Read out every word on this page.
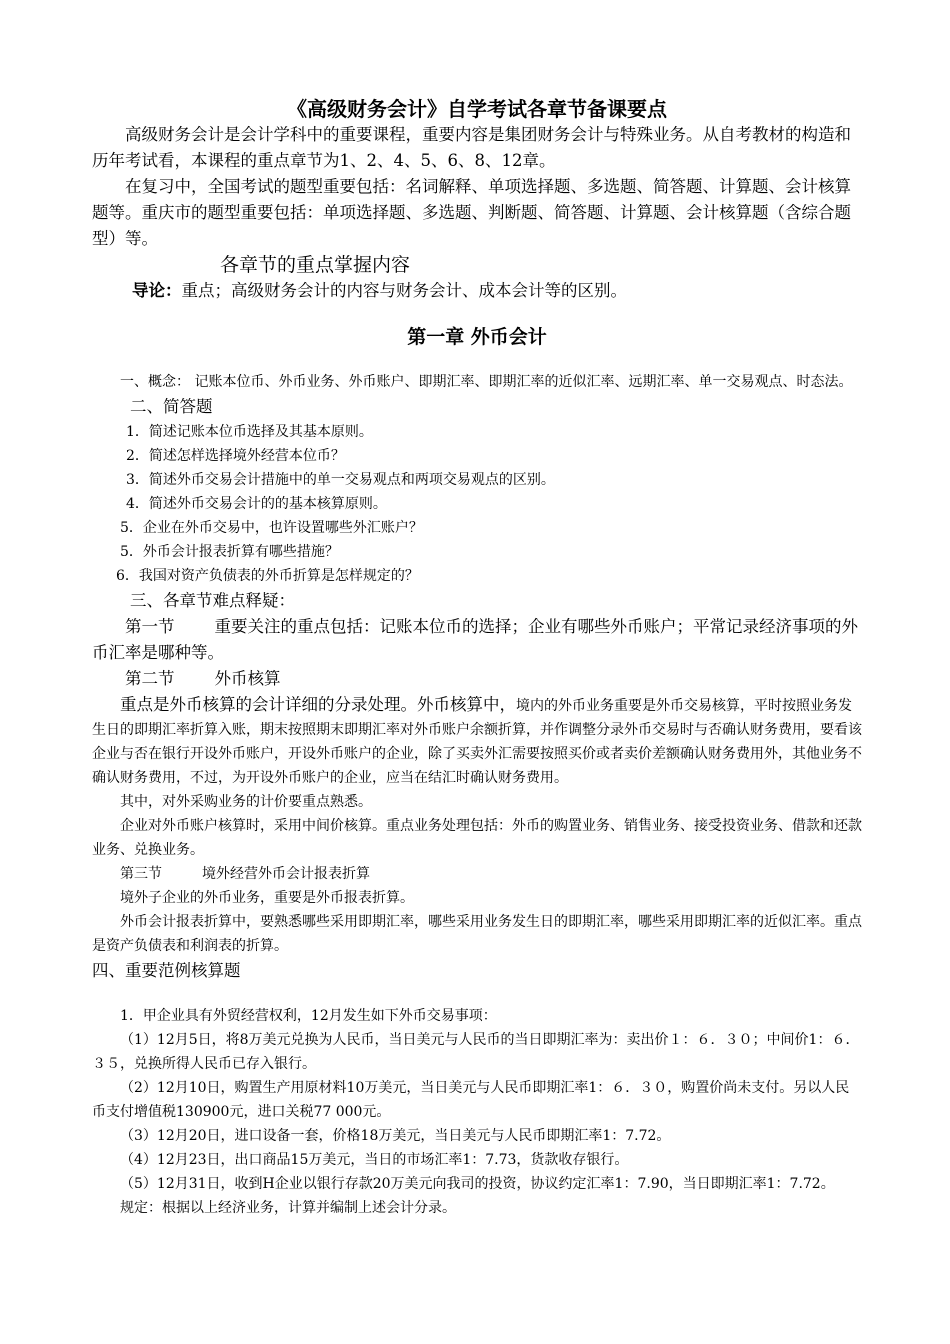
《高级财务会计》自学考试各章节备课要点

高级财务会计是会计学科中的重要课程，重要内容是集团财务会计与特殊业务。从自考教材的构造和历年考试看，本课程的重点章节为1、2、4、5、6、8、12章。

在复习中，全国考试的题型重要包括：名词解释、单项选择题、多选题、简答题、计算题、会计核算题等。重庆市的题型重要包括：单项选择题、多选题、判断题、简答题、计算题、会计核算题（含综合题型）等。

各章节的重点掌握内容

导论：重点；高级财务会计的内容与财务会计、成本会计等的区别。

第一章 外币会计

一、概念： 记账本位币、外币业务、外币账户、即期汇率、即期汇率的近似汇率、远期汇率、单一交易观点、时态法。

二、简答题

1．简述记账本位币选择及其基本原则。

2．简述怎样选择境外经营本位币？

3．简述外币交易会计措施中的单一交易观点和两项交易观点的区别。

4．简述外币交易会计的的基本核算原则。

5．企业在外币交易中，也许设置哪些外汇账户？

5．外币会计报表折算有哪些措施？

6．我国对资产负债表的外币折算是怎样规定的？

三、各章节难点释疑：

第一节 重要关注的重点包括：记账本位币的选择；企业有哪些外币账户；平常记录经济事项的外币汇率是哪种等。

第二节 外币核算

重点是外币核算的会计详细的分录处理。外币核算中，境内的外币业务重要是外币交易核算，平时按照业务发生日的即期汇率折算入账，期末按照期末即期汇率对外币账户余额折算，并作调整分录外币交易时与否确认财务费用，要看该企业与否在银行开设外币账户，开设外币账户的企业，除了买卖外汇需要按照买价或者卖价差额确认财务费用外，其他业务不确认财务费用，不过，为开设外币账户的企业，应当在结汇时确认财务费用。

其中，对外采购业务的计价要重点熟悉。

企业对外币账户核算时，采用中间价核算。重点业务处理包括：外币的购置业务、销售业务、接受投资业务、借款和还款业务、兑换业务。

第三节	境外经营外币会计报表折算

境外子企业的外币业务，重要是外币报表折算。

外币会计报表折算中，要熟悉哪些采用即期汇率，哪些采用业务发生日的即期汇率，哪些采用即期汇率的近似汇率。重点是资产负债表和利润表的折算。

四、重要范例核算题

1．甲企业具有外贸经营权利，12月发生如下外币交易事项：

（1）12月5日，将8万美元兑换为人民币，当日美元与人民币的当日即期汇率为：卖出价１：６．３０；中间价1：６．３５，兑换所得人民币已存入银行。

（2）12月10日，购置生产用原材料10万美元，当日美元与人民币即期汇率1：６．３０，购置价尚未支付。另以人民币支付增值税130900元，进口关税77 000元。

（3）12月20日，进口设备一套，价格18万美元，当日美元与人民币即期汇率1：7.72。

（4）12月23日，出口商品15万美元，当日的市场汇率1：7.73，货款收存银行。

（5）12月31日，收到H企业以银行存款20万美元向我司的投资，协议约定汇率1：7.90，当日即期汇率1：7.72。

规定：根据以上经济业务，计算并编制上述会计分录。
